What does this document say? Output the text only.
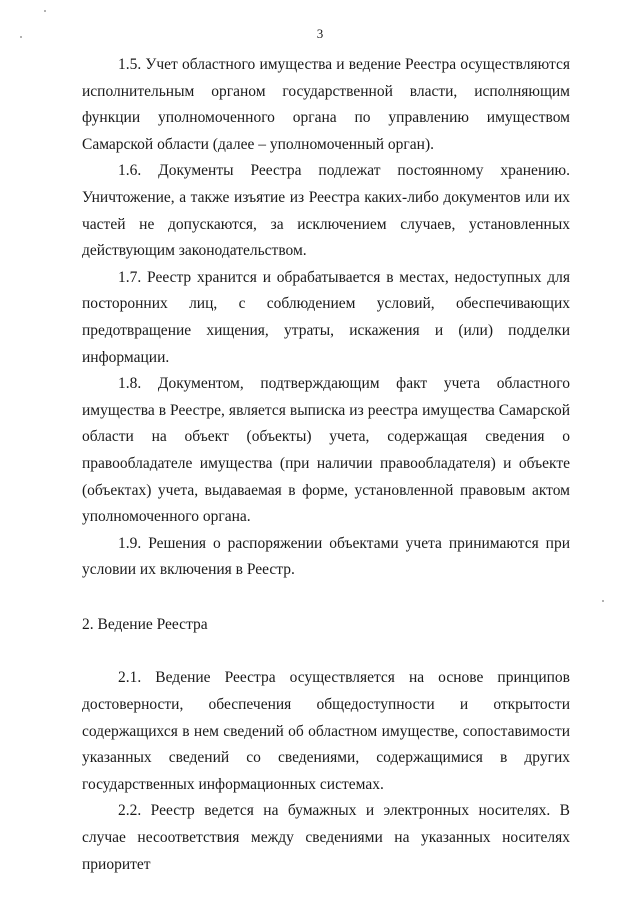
3

1.5. Учет областного имущества и ведение Реестра осуществляются исполнительным органом государственной власти, исполняющим функции уполномоченного органа по управлению имуществом Самарской области (далее – уполномоченный орган).

1.6. Документы Реестра подлежат постоянному хранению. Уничтожение, а также изъятие из Реестра каких-либо документов или их частей не допускаются, за исключением случаев, установленных действующим законодательством.

1.7. Реестр хранится и обрабатывается в местах, недоступных для посторонних лиц, с соблюдением условий, обеспечивающих предотвращение хищения, утраты, искажения и (или) подделки информации.

1.8. Документом, подтверждающим факт учета областного имущества в Реестре, является выписка из реестра имущества Самарской области на объект (объекты) учета, содержащая сведения о правообладателе имущества (при наличии правообладателя) и объекте (объектах) учета, выдаваемая в форме, установленной правовым актом уполномоченного органа.

1.9. Решения о распоряжении объектами учета принимаются при условии их включения в Реестр.

2. Ведение Реестра

2.1. Ведение Реестра осуществляется на основе принципов достоверности, обеспечения общедоступности и открытости содержащихся в нем сведений об областном имуществе, сопоставимости указанных сведений со сведениями, содержащимися в других государственных информационных системах.

2.2. Реестр ведется на бумажных и электронных носителях. В случае несоответствия между сведениями на указанных носителях приоритет
